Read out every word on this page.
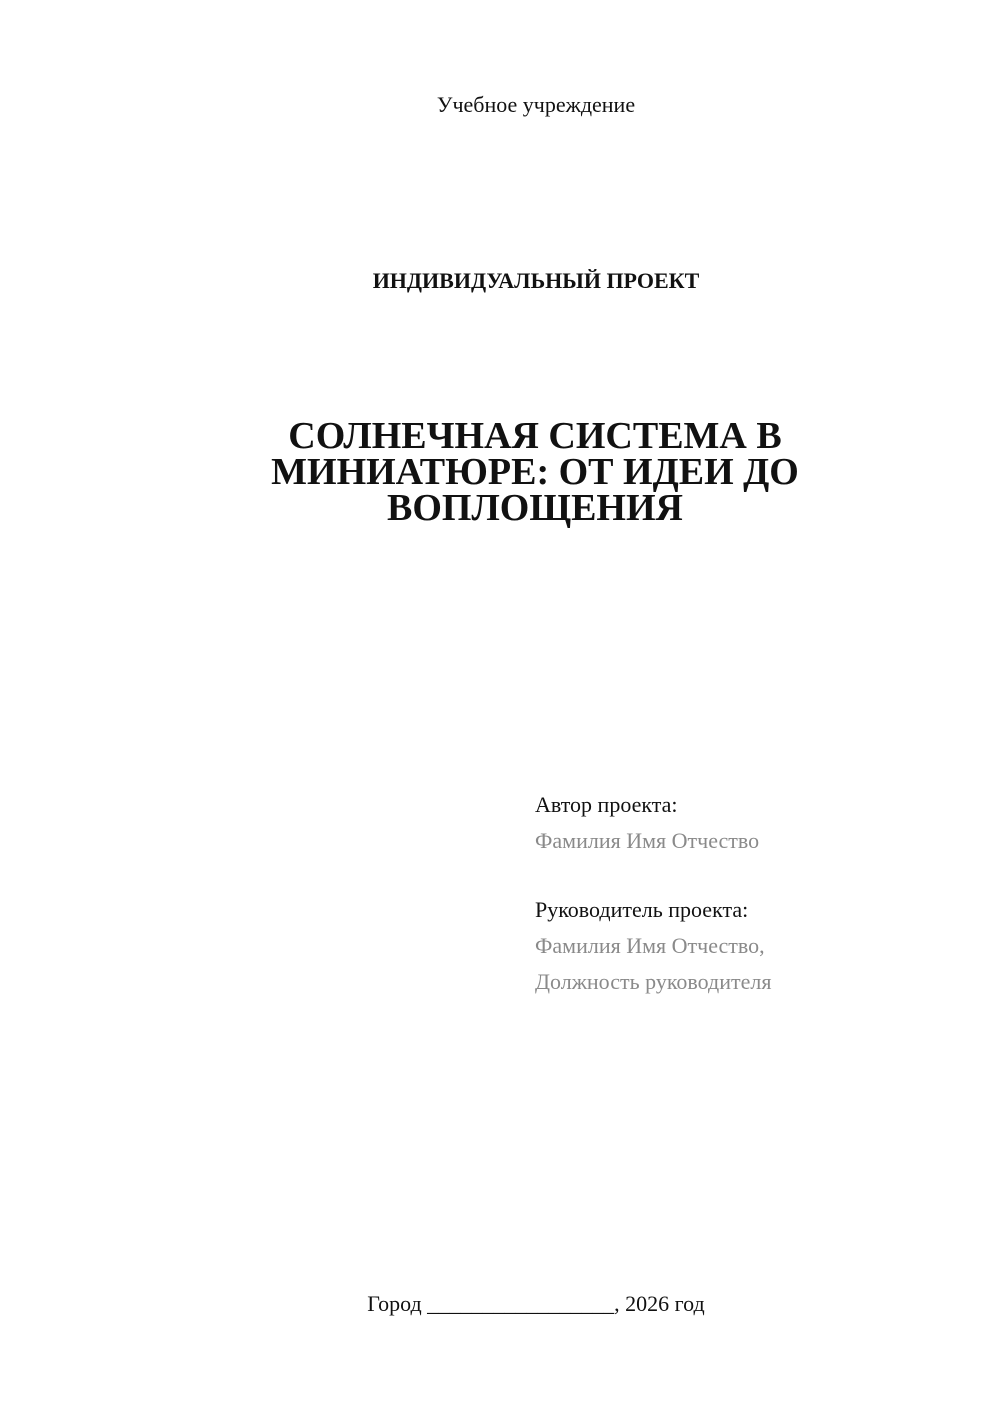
Учебное учреждение
ИНДИВИДУАЛЬНЫЙ ПРОЕКТ
СОЛНЕЧНАЯ СИСТЕМА В МИНИАТЮРЕ: ОТ ИДЕИ ДО ВОПЛОЩЕНИЯ
Автор проекта:
Фамилия Имя Отчество
Руководитель проекта:
Фамилия Имя Отчество,
Должность руководителя
Город _________________, 2026 год
